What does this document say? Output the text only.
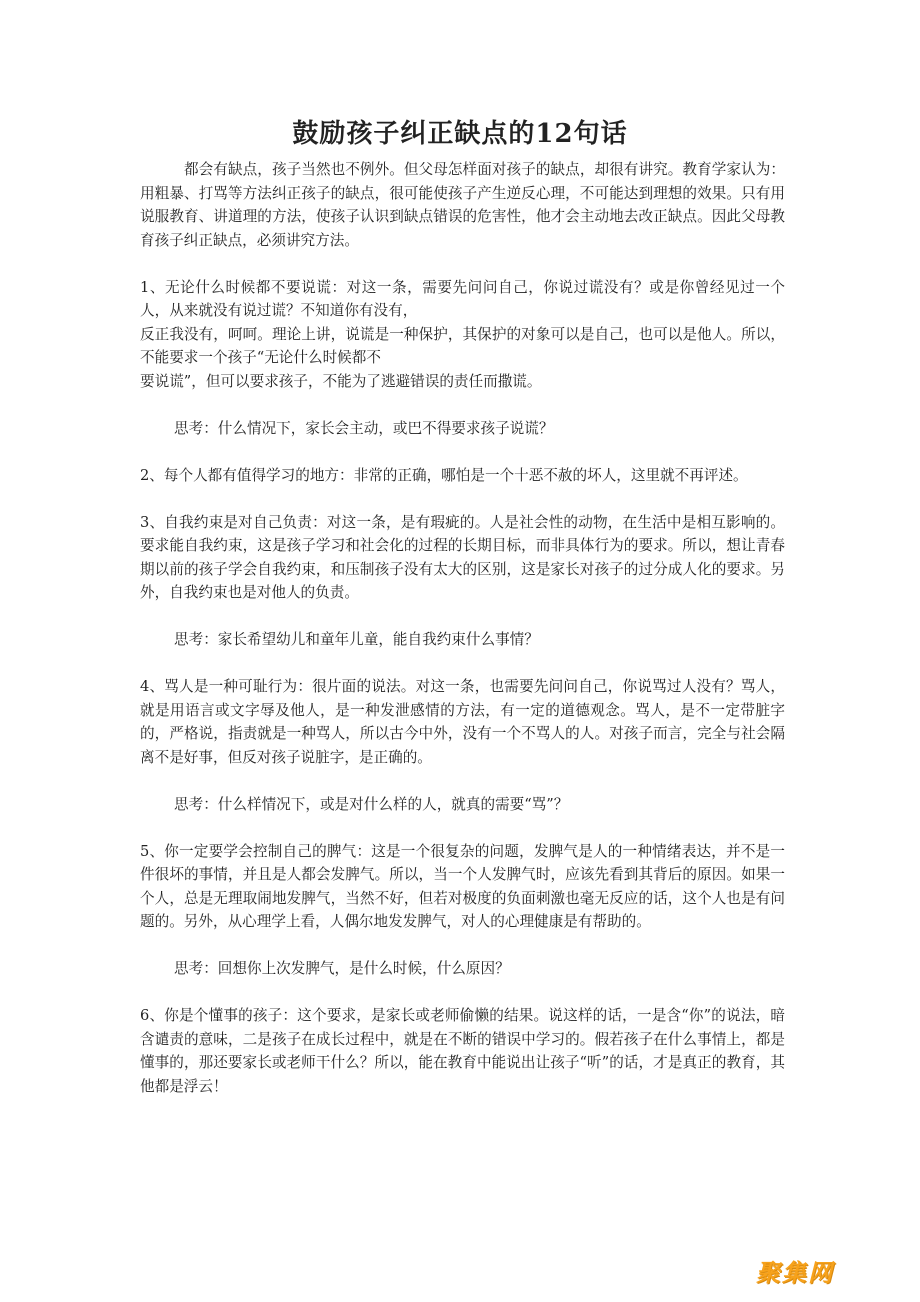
鼓励孩子纠正缺点的12句话

都会有缺点，孩子当然也不例外。但父母怎样面对孩子的缺点，却很有讲究。教育学家认为：用粗暴、打骂等方法纠正孩子的缺点，很可能使孩子产生逆反心理，不可能达到理想的效果。只有用说服教育、讲道理的方法，使孩子认识到缺点错误的危害性，他才会主动地去改正缺点。因此父母教育孩子纠正缺点，必须讲究方法。

1、无论什么时候都不要说谎：对这一条，需要先问问自己，你说过谎没有？或是你曾经见过一个人，从来就没有说过谎？不知道你有没有，

反正我没有，呵呵。理论上讲，说谎是一种保护，其保护的对象可以是自己，也可以是他人。所以，不能要求一个孩子“无论什么时候都不

要说谎”，但可以要求孩子，不能为了逃避错误的责任而撒谎。

思考：什么情况下，家长会主动，或巴不得要求孩子说谎？

2、每个人都有值得学习的地方：非常的正确，哪怕是一个十恶不赦的坏人，这里就不再评述。

3、自我约束是对自己负责：对这一条，是有瑕疵的。人是社会性的动物，在生活中是相互影响的。要求能自我约束，这是孩子学习和社会化的过程的长期目标，而非具体行为的要求。所以，想让青春期以前的孩子学会自我约束，和压制孩子没有太大的区别，这是家长对孩子的过分成人化的要求。另外，自我约束也是对他人的负责。

思考：家长希望幼儿和童年儿童，能自我约束什么事情？

4、骂人是一种可耻行为：很片面的说法。对这一条，也需要先问问自己，你说骂过人没有？骂人，就是用语言或文字辱及他人，是一种发泄感情的方法，有一定的道德观念。骂人，是不一定带脏字的，严格说，指责就是一种骂人，所以古今中外，没有一个不骂人的人。对孩子而言，完全与社会隔离不是好事，但反对孩子说脏字，是正确的。

思考：什么样情况下，或是对什么样的人，就真的需要“骂”？

5、你一定要学会控制自己的脾气：这是一个很复杂的问题，发脾气是人的一种情绪表达，并不是一件很坏的事情，并且是人都会发脾气。所以，当一个人发脾气时，应该先看到其背后的原因。如果一个人，总是无理取闹地发脾气，当然不好，但若对极度的负面刺激也毫无反应的话，这个人也是有问题的。另外，从心理学上看，人偶尔地发发脾气，对人的心理健康是有帮助的。

思考：回想你上次发脾气，是什么时候，什么原因？

6、你是个懂事的孩子：这个要求，是家长或老师偷懒的结果。说这样的话，一是含“你”的说法，暗含谴责的意味，二是孩子在成长过程中，就是在不断的错误中学习的。假若孩子在什么事情上，都是懂事的，那还要家长或老师干什么？所以，能在教育中能说出让孩子“听”的话，才是真正的教育，其他都是浮云！

聚集网
